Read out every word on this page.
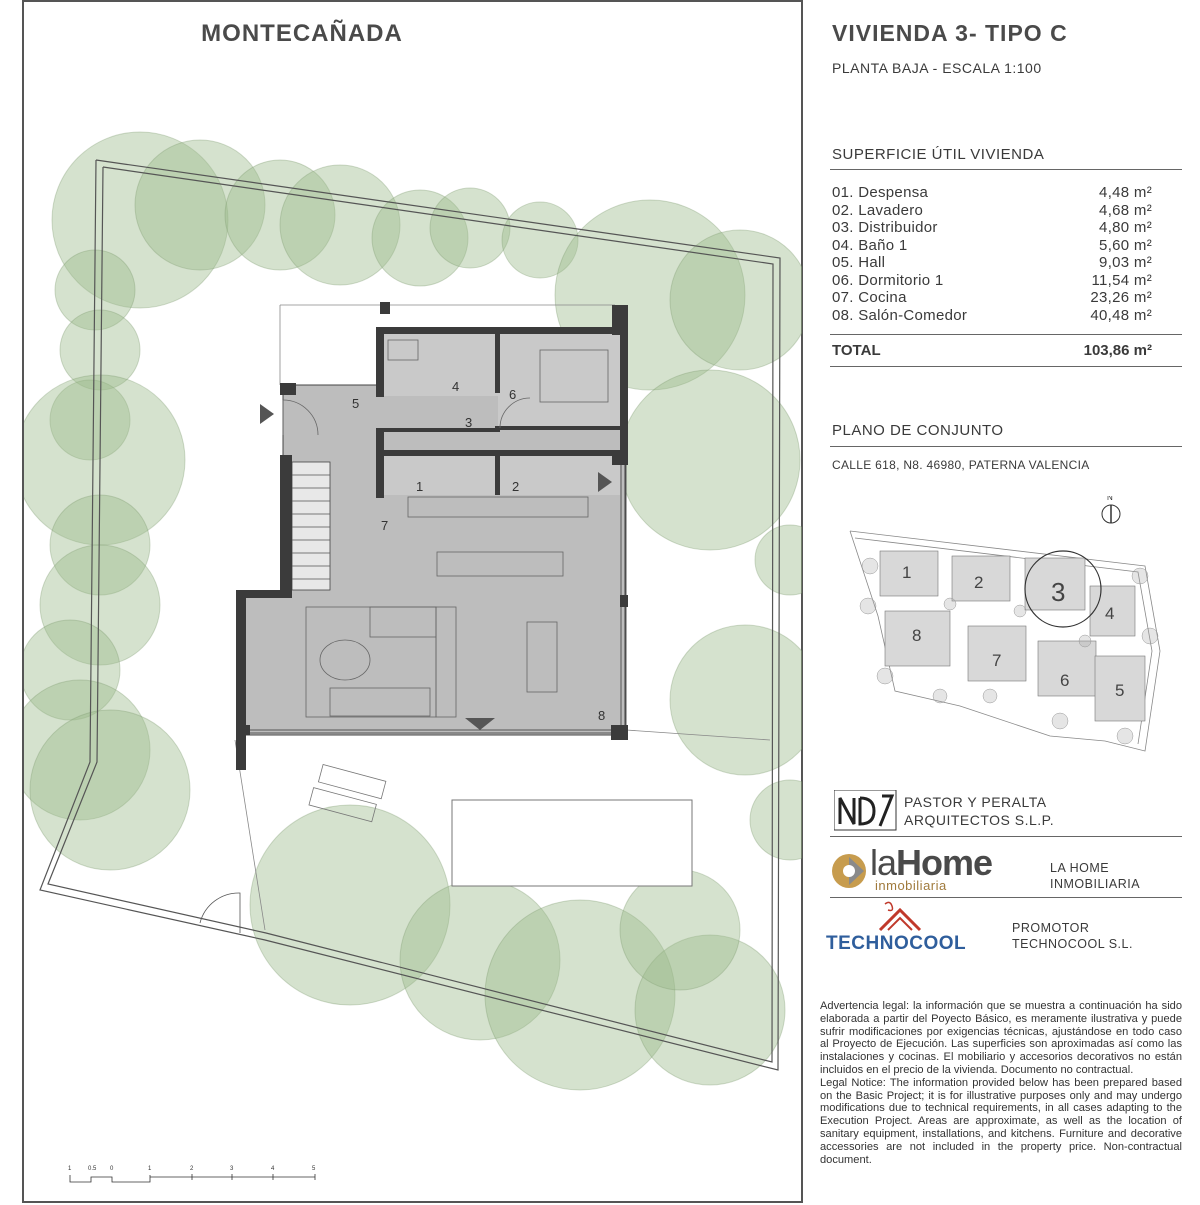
MONTECAÑADA
1	2
3
4
5
6
7
8
1	0.5 0	1	2	3	4	5
VIVIENDA 3- TIPO C
PLANTA BAJA - ESCALA 1:100
SUPERFICIE ÚTIL VIVIENDA
01. Despensa	4,48 m²
02. Lavadero	4,68 m²
03. Distribuidor	4,80 m²
04. Baño 1	5,60 m²
05. Hall	9,03 m²
06. Dormitorio 1	11,54 m²
07. Cocina	23,26 m²
08. Salón-Comedor	40,48 m²
TOTAL	103,86 m²
PLANO DE CONJUNTO
CALLE 618, N8. 46980, PATERNA VALENCIA
N
1
2	3
4
5
6
7
8
PASTOR Y PERALTA
ARQUITECTOS S.L.P.
laHome
inmobiliaria
LA HOME
INMOBILIARIA
TECHNOCOOL
PROMOTOR
TECHNOCOOL S.L.

Advertencia legal: la información que se muestra a continuación ha sido elaborada a partir del Poyecto Básico, es meramente ilustrativa y puede sufrir modificaciones por exigencias técnicas, ajustándose en todo caso al Proyecto de Ejecución. Las superficies son aproximadas así como las instalaciones y cocinas. El mobiliario y accesorios decorativos no están incluidos en el precio de la vivienda. Documento no contractual.

Legal Notice: The information provided below has been prepared based on the Basic Project; it is for illustrative purposes only and may undergo modifications due to technical requirements, in all cases adapting to the Execution Project. Areas are approximate, as well as the location of sanitary equipment, installations, and kitchens. Furniture and decorative accessories are not included in the property price. Non-contractual document.
